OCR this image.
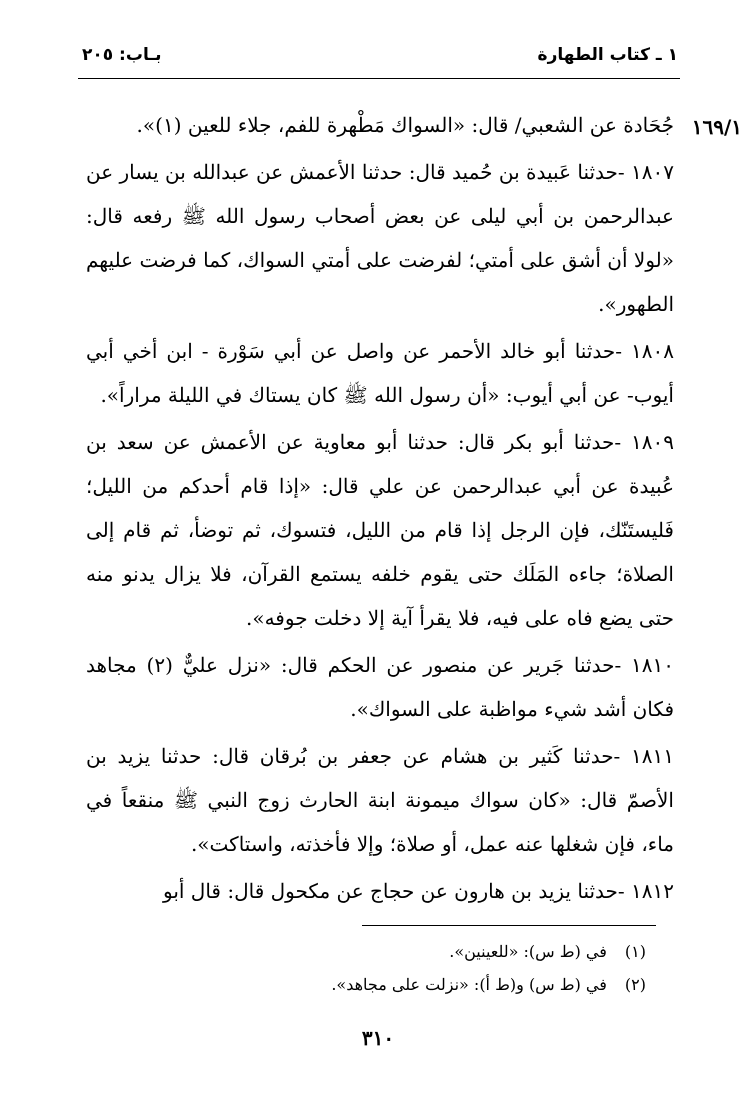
١ ـ كتاب الطهارة
بـاب: ٢٠٥
١٦٩/١

جُحَادة عن الشعبي/ قال: «السواك مَطْهرة للفم، جلاء للعين (١)».

١٨٠٧ -حدثنا عَبيدة بن حُميد قال: حدثنا الأعمش عن عبدالله بن يسار عن عبدالرحمن بن أبي ليلى عن بعض أصحاب رسول الله ﷺ رفعه قال: «لولا أن أشق على أمتي؛ لفرضت على أمتي السواك، كما فرضت عليهم الطهور».

١٨٠٨ -حدثنا أبو خالد الأحمر عن واصل عن أبي سَوْرة - ابن أخي أبي أيوب- عن أبي أيوب: «أن رسول الله ﷺ كان يستاك في الليلة مراراً».

١٨٠٩ -حدثنا أبو بكر قال: حدثنا أبو معاوية عن الأعمش عن سعد بن عُبيدة عن أبي عبدالرحمن عن علي قال: «إذا قام أحدكم من الليل؛ فَليستَنّك، فإن الرجل إذا قام من الليل، فتسوك، ثم توضأ، ثم قام إلى الصلاة؛ جاءه المَلَك حتى يقوم خلفه يستمع القرآن، فلا يزال يدنو منه حتى يضع فاه على فيه، فلا يقرأ آية إلا دخلت جوفه».

١٨١٠ -حدثنا جَرير عن منصور عن الحكم قال: «نزل عليٌّ (٢) مجاهد فكان أشد شيء مواظبة على السواك».

١٨١١ -حدثنا كَثير بن هشام عن جعفر بن بُرقان قال: حدثنا يزيد بن الأصمّ قال: «كان سواك ميمونة ابنة الحارث زوج النبي ﷺ منقعاً في ماء، فإن شغلها عنه عمل، أو صلاة؛ وإلا فأخذته، واستاكت».

١٨١٢ -حدثنا يزيد بن هارون عن حجاج عن مكحول قال: قال أبو

(١)
في (ط س): «للعينين».
(٢)
في (ط س) و(ط أ): «نزلت على مجاهد».
٣١٠
